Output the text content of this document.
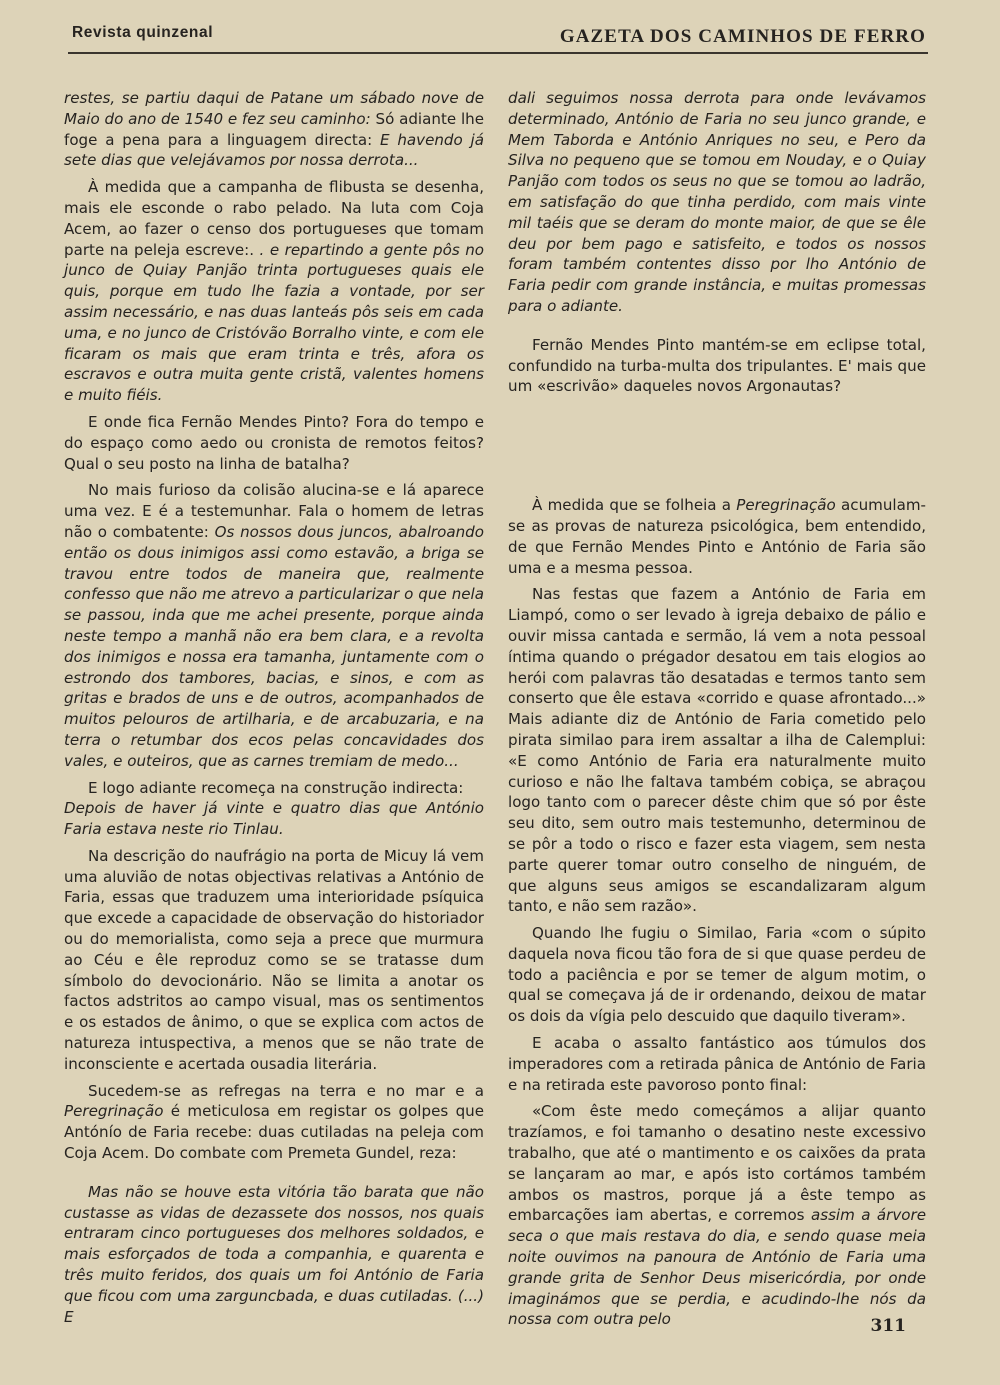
Revista quinzenal	GAZETA DOS CAMINHOS DE FERRO

restes, se partiu daqui de Patane um sábado nove de Maio do ano de 1540 e fez seu caminho: Só adiante lhe foge a pena para a linguagem directa: E havendo já sete dias que velejávamos por nossa derrota...

À medida que a campanha de flibusta se desenha, mais ele esconde o rabo pelado. Na luta com Coja Acem, ao fazer o censo dos portugueses que tomam parte na peleja escreve:. . e repartindo a gente pôs no junco de Quiay Panjão trinta portugueses quais ele quis, porque em tudo lhe fazia a vontade, por ser assim necessário, e nas duas lanteás pôs seis em cada uma, e no junco de Cristóvão Borralho vinte, e com ele ficaram os mais que eram trinta e três, afora os escravos e outra muita gente cristã, valentes homens e muito fiéis.

E onde fica Fernão Mendes Pinto? Fora do tempo e do espaço como aedo ou cronista de remotos feitos? Qual o seu posto na linha de batalha?

No mais furioso da colisão alucina-se e lá aparece uma vez. E é a testemunhar. Fala o homem de letras não o combatente: Os nossos dous juncos, abalroando então os dous inimigos assi como estavão, a briga se travou entre todos de maneira que, realmente confesso que não me atrevo a particularizar o que nela se passou, inda que me achei presente, porque ainda neste tempo a manhã não era bem clara, e a revolta dos inimigos e nossa era tamanha, juntamente com o estrondo dos tambores, bacias, e sinos, e com as gritas e brados de uns e de outros, acompanhados de muitos pelouros de artilharia, e de arcabuzaria, e na terra o retumbar dos ecos pelas concavidades dos vales, e outeiros, que as carnes tremiam de medo...

E logo adiante recomeça na construção indirecta:
Depois de haver já vinte e quatro dias que António Faria estava neste rio Tinlau.

Na descrição do naufrágio na porta de Micuy lá vem uma aluvião de notas objectivas relativas a António de Faria, essas que traduzem uma interioridade psíquica que excede a capacidade de observação do historiador ou do memorialista, como seja a prece que murmura ao Céu e êle reproduz como se se tratasse dum símbolo do devocionário. Não se limita a anotar os factos adstritos ao campo visual, mas os sentimentos e os estados de ânimo, o que se explica com actos de natureza intuspectiva, a menos que se não trate de inconsciente e acertada ousadia literária.

Sucedem-se as refregas na terra e no mar e a Peregrinação é meticulosa em registar os golpes que Antónío de Faria recebe: duas cutiladas na peleja com Coja Acem. Do combate com Premeta Gundel, reza:

Mas não se houve esta vitória tão barata que não custasse as vidas de dezassete dos nossos, nos quais entraram cinco portugueses dos melhores soldados, e mais esforçados de toda a companhia, e quarenta e três muito feridos, dos quais um foi António de Faria que ficou com uma zarguncbada, e duas cutiladas. (...) E

dali seguimos nossa derrota para onde levávamos determinado, António de Faria no seu junco grande, e Mem Taborda e António Anriques no seu, e Pero da Silva no pequeno que se tomou em Nouday, e o Quiay Panjão com todos os seus no que se tomou ao ladrão, em satisfação do que tinha perdido, com mais vinte mil taéis que se deram do monte maior, de que se êle deu por bem pago e satisfeito, e todos os nossos foram também contentes disso por lho António de Faria pedir com grande instância, e muitas promessas para o adiante.

Fernão Mendes Pinto mantém-se em eclipse total, confundido na turba-multa dos tripulantes. E' mais que um «escrivão» daqueles novos Argonautas?

À medida que se folheia a Peregrinação acumulam-se as provas de natureza psicológica, bem entendido, de que Fernão Mendes Pinto e António de Faria são uma e a mesma pessoa.

Nas festas que fazem a António de Faria em Liampó, como o ser levado à igreja debaixo de pálio e ouvir missa cantada e sermão, lá vem a nota pessoal íntima quando o prégador desatou em tais elogios ao herói com palavras tão desatadas e termos tanto sem conserto que êle estava «corrido e quase afrontado...» Mais adiante diz de António de Faria cometido pelo pirata similao para irem assaltar a ilha de Calemplui: «E como António de Faria era naturalmente muito curioso e não lhe faltava também cobiça, se abraçou logo tanto com o parecer dêste chim que só por êste seu dito, sem outro mais testemunho, determinou de se pôr a todo o risco e fazer esta viagem, sem nesta parte querer tomar outro conselho de ninguém, de que alguns seus amigos se escandalizaram algum tanto, e não sem razão».

Quando lhe fugiu o Similao, Faria «com o súpito daquela nova ficou tão fora de si que quase perdeu de todo a paciência e por se temer de algum motim, o qual se começava já de ir ordenando, deixou de matar os dois da vígia pelo descuido que daquilo tiveram».

E acaba o assalto fantástico aos túmulos dos imperadores com a retirada pânica de António de Faria e na retirada este pavoroso ponto final:

«Com êste medo começámos a alijar quanto trazíamos, e foi tamanho o desatino neste excessivo trabalho, que até o mantimento e os caixões da prata se lançaram ao mar, e após isto cortámos também ambos os mastros, porque já a êste tempo as embarcações iam abertas, e corremos assim a árvore seca o que mais restava do dia, e sendo quase meia noite ouvimos na panoura de António de Faria uma grande grita de Senhor Deus misericórdia, por onde imaginámos que se perdia, e acudindo-lhe nós da nossa com outra pelo	311
